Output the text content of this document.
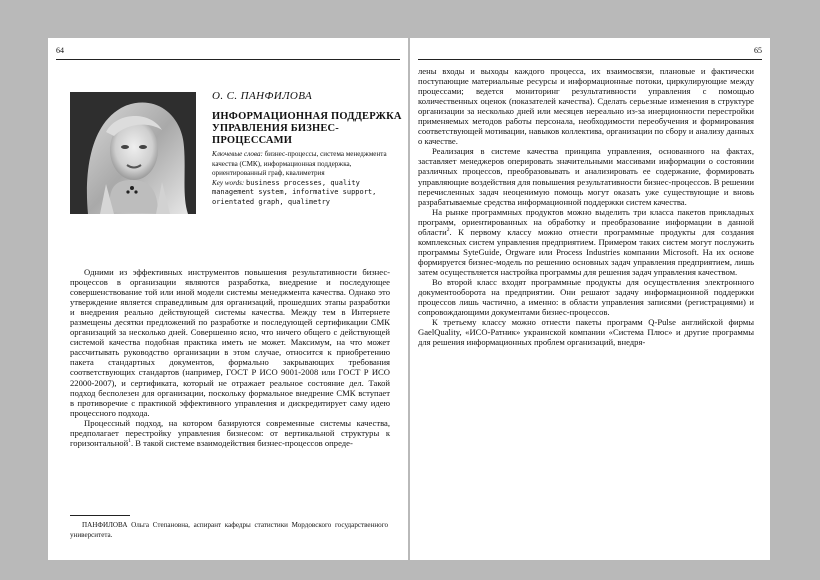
64
О. С. ПАНФИЛОВА
ИНФОРМАЦИОННАЯ ПОДДЕРЖКА УПРАВЛЕНИЯ БИЗНЕС-ПРОЦЕССАМИ
Ключевые слова: бизнес-процессы, система менеджмента качества (СМК), информационная поддержка, ориентированный граф, квалиметрия
Key words: business processes, quality management system, informative support, orientated graph, qualimetry

Одними из эффективных инструментов повышения результативности бизнес-процессов в организации являются разработка, внедрение и последующее совершенствование той или иной модели системы менеджмента качества. Однако это утверждение является справедливым для организаций, прошедших этапы разработки и внедрения реально действующей системы качества. Между тем в Интернете размещены десятки предложений по разработке и последующей сертификации СМК организаций за несколько дней. Совершенно ясно, что ничего общего с действующей системой качества подобная практика иметь не может. Максимум, на что может рассчитывать руководство организации в этом случае, относится к приобретению пакета стандартных документов, формально закрывающих требования соответствующих стандартов (например, ГОСТ Р ИСО 9001-2008 или ГОСТ Р ИСО 22000-2007), и сертификата, который не отражает реальное состояние дел. Такой подход бесполезен для организации, поскольку формальное внедрение СМК вступает в противоречие с практикой эффективного управления и дискредитирует саму идею процессного подхода.

Процессный подход, на котором базируются современные системы качества, предполагает перестройку управления бизнесом: от вертикальной структуры к горизонтальной$^1$. В такой системе взаимодействия бизнес-процессов опреде-

ПАНФИЛОВА Ольга Степановна, аспирант кафедры статистики Мордовского государственного университета.
65

лены входы и выходы каждого процесса, их взаимосвязи, плановые и фактически поступающие материальные ресурсы и информационные потоки, циркулирующие между процессами; ведется мониторинг результативности управления с помощью количественных оценок (показателей качества). Сделать серьезные изменения в структуре организации за несколько дней или месяцев нереально из-за инерционности перестройки применяемых методов работы персонала, необходимости переобучения и формирования соответствующей мотивации, навыков коллектива, организации по сбору и анализу данных о качестве.

Реализация в системе качества принципа управления, основанного на фактах, заставляет менеджеров оперировать значительными массивами информации о состоянии различных процессов, преобразовывать и анализировать ее содержание, формировать управляющие воздействия для повышения результативности бизнес-процессов. В решении перечисленных задач неоценимую помощь могут оказать уже существующие и вновь разрабатываемые средства информационной поддержки систем качества.

На рынке программных продуктов можно выделить три класса пакетов прикладных программ, ориентированных на обработку и преобразование информации в данной области$^2$. К первому классу можно отнести программные продукты для создания комплексных систем управления предприятием. Примером таких систем могут послужить программы SyteGuide, Orgware или Process Industries компании Microsoft. На их основе формируется бизнес-модель по решению основных задач управления предприятием, лишь затем осуществляется настройка программы для решения задач управления качеством.

Во второй класс входят программные продукты для осуществления электронного документооборота на предприятии. Они решают задачу информационной поддержки процессов лишь частично, а именно: в области управления записями (регистрациями) и сопровождающими документами бизнес-процессов.

К третьему классу можно отнести пакеты программ Q-Pulse английской фирмы GaelQuality, «ИСО-Ратник» украинской компании «Система Плюс» и другие программы для решения информационных проблем организаций, внедря-
